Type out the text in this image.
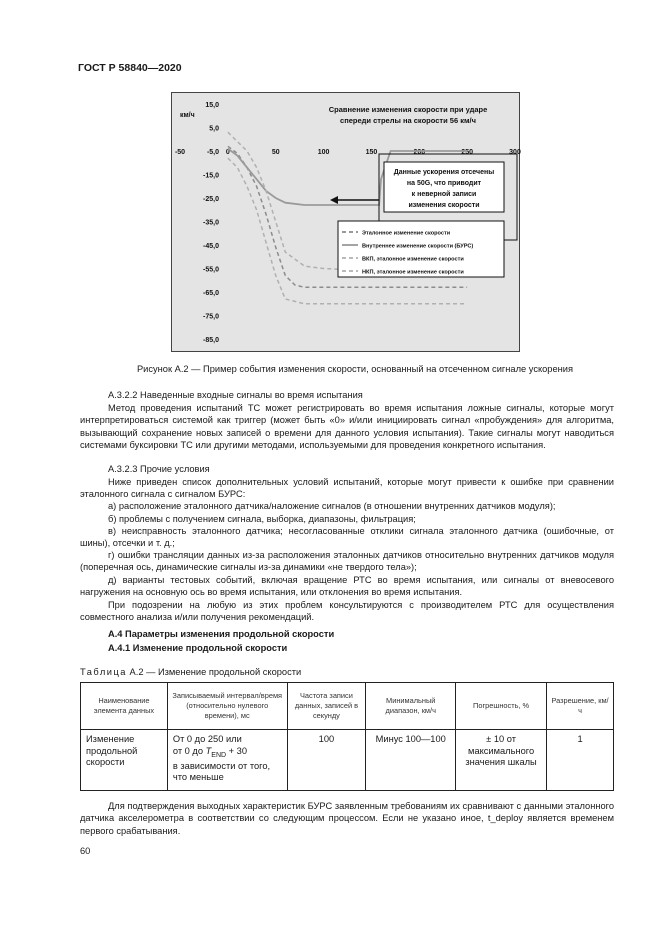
ГОСТ Р 58840—2020
15,0
5,0
-5,0
-15,0
-25,0
-35,0
-45,0
-55,0
-65,0
-75,0
-85,0
-50	0	50	100	150	200	250	300
км/ч
Сравнение изменения скорости при ударе
спереди стрелы на скорости 56 км/ч
Данные ускорения отсечены
на 50G, что приводит
к неверной записи
изменения скорости
Эталонное изменение скорости
Внутреннее изменение скорости (БУРС)
ВКП, эталонное изменение скорости
НКП, эталонное изменение скорости
Рисунок А.2 — Пример события изменения скорости, основанный на отсеченном сигнале ускорения
А.3.2.2 Наведенные входные сигналы во время испытания
Метод проведения испытаний ТС может регистрировать во время испытания ложные сигналы, которые могут интерпретироваться системой как триггер (может быть «0» и/или инициировать сигнал «пробуждения» для алгоритма, вызывающий сохранение новых записей о времени для данного условия испытания). Такие сигналы могут наводиться системами буксировки ТС или другими методами, используемыми для проведения конкретного испытания.
А.3.2.3 Прочие условия
Ниже приведен список дополнительных условий испытаний, которые могут привести к ошибке при сравнении эталонного сигнала с сигналом БУРС:
а) расположение эталонного датчика/наложение сигналов (в отношении внутренних датчиков модуля);
б) проблемы с получением сигнала, выборка, диапазоны, фильтрация;
в) неисправность эталонного датчика; несогласованные отклики сигнала эталонного датчика (ошибочные, от шины), отсечки и т. д.;
г) ошибки трансляции данных из-за расположения эталонных датчиков относительно внутренних датчиков модуля (поперечная ось, динамические сигналы из-за динамики «не твердого тела»);
д) варианты тестовых событий, включая вращение РТС во время испытания, или сигналы от вневосевого нагружения на основную ось во время испытания, или отклонения во время испытания.
При подозрении на любую из этих проблем консультируются с производителем РТС для осуществления совместного анализа и/или получения рекомендаций.
А.4 Параметры изменения продольной скорости
А.4.1 Изменение продольной скорости
Таблица А.2 — Изменение продольной скорости
Наименование элемента данных	Записываемый интервал/время (относительно нулевого времени), мс	Частота записи данных, записей в секунду	Минимальный диапазон, км/ч	Погрешность, %	Разрешение, км/ч
Изменение продольной скорости	От 0 до 250 или
от 0 до $T_{END} + 30$
в зависимости от того, что меньше	100	Минус 100—100	± 10 от максимального значения шкалы	1
Для подтверждения выходных характеристик БУРС заявленным требованиям их сравнивают с данными эталонного датчика акселерометра в соответствии со следующим процессом. Если не указано иное, t_deploy является временем первого срабатывания.
60
